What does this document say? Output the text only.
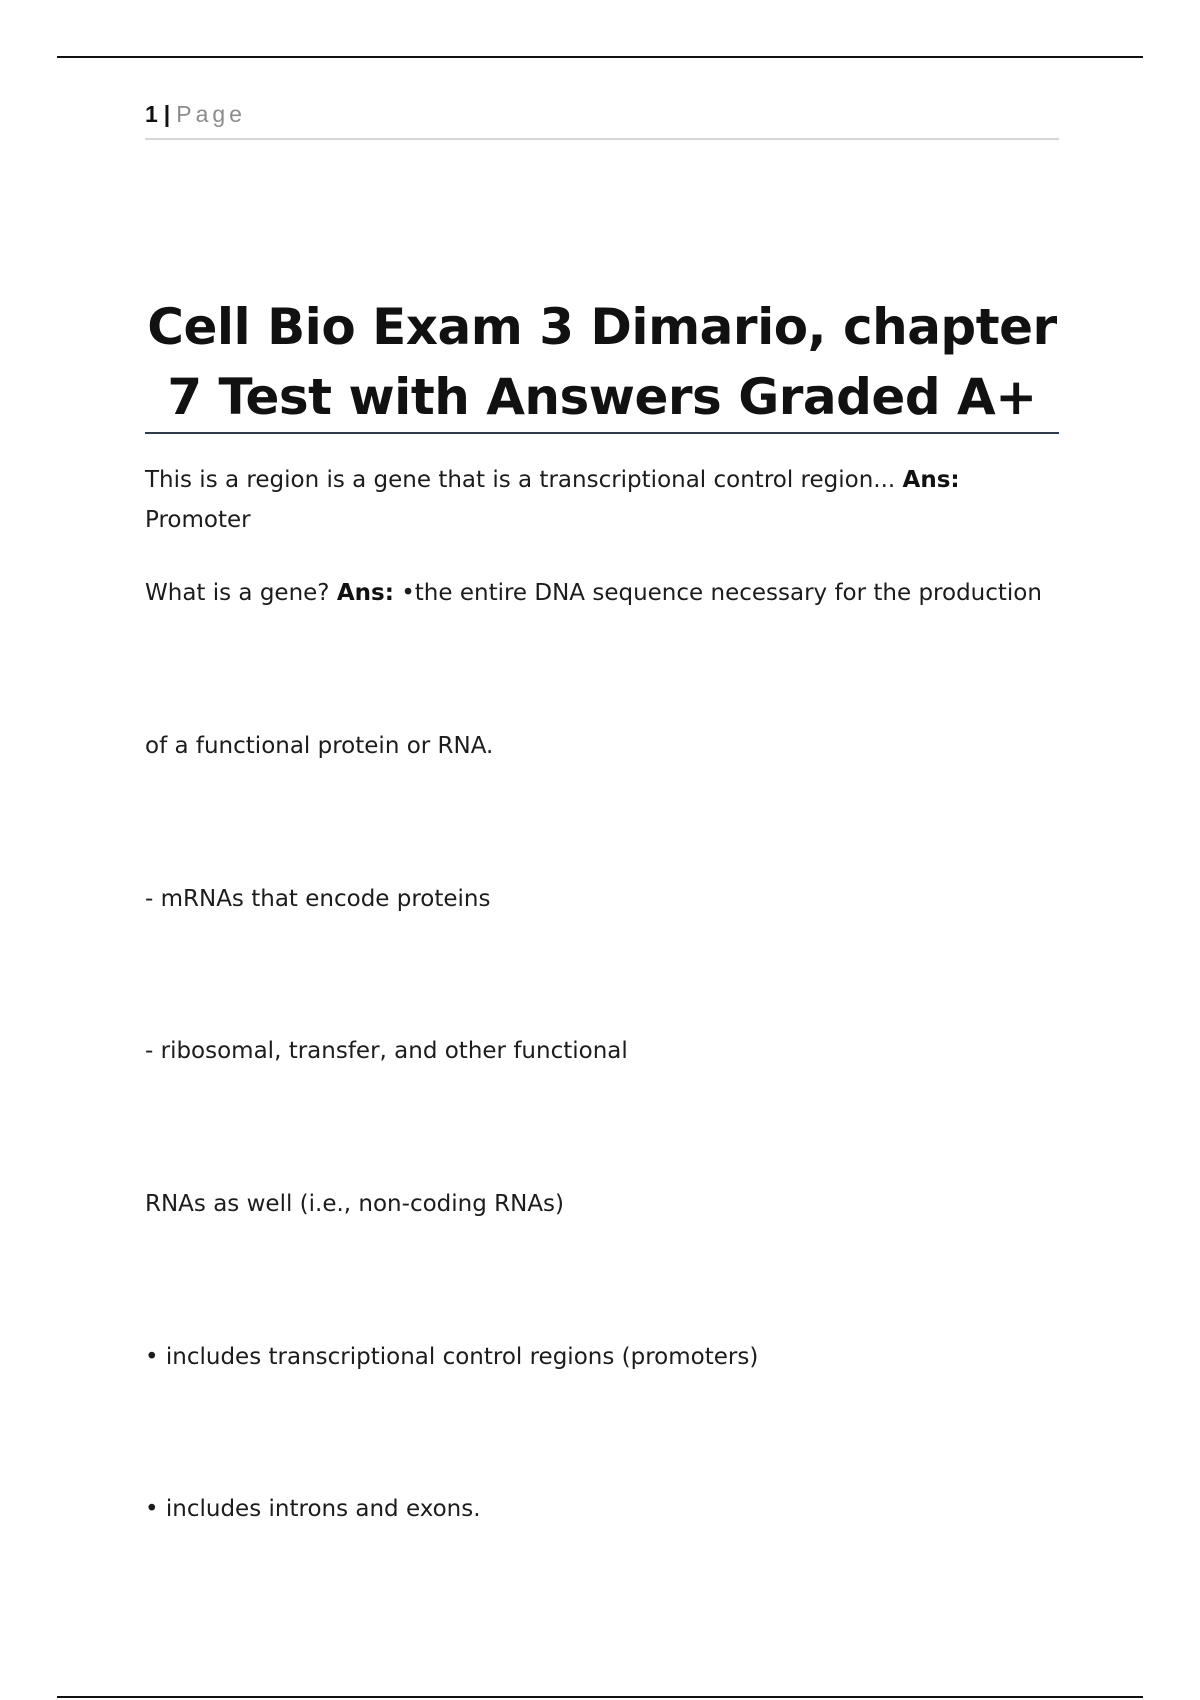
1 | Page
Cell Bio Exam 3 Dimario, chapter 7 Test with Answers Graded A+

This is a region is a gene that is a transcriptional control region... Ans: Promoter

What is a gene? Ans: •the entire DNA sequence necessary for the production

of a functional protein or RNA.

- mRNAs that encode proteins

- ribosomal, transfer, and other functional

RNAs as well (i.e., non-coding RNAs)

• includes transcriptional control regions (promoters)

• includes introns and exons.
